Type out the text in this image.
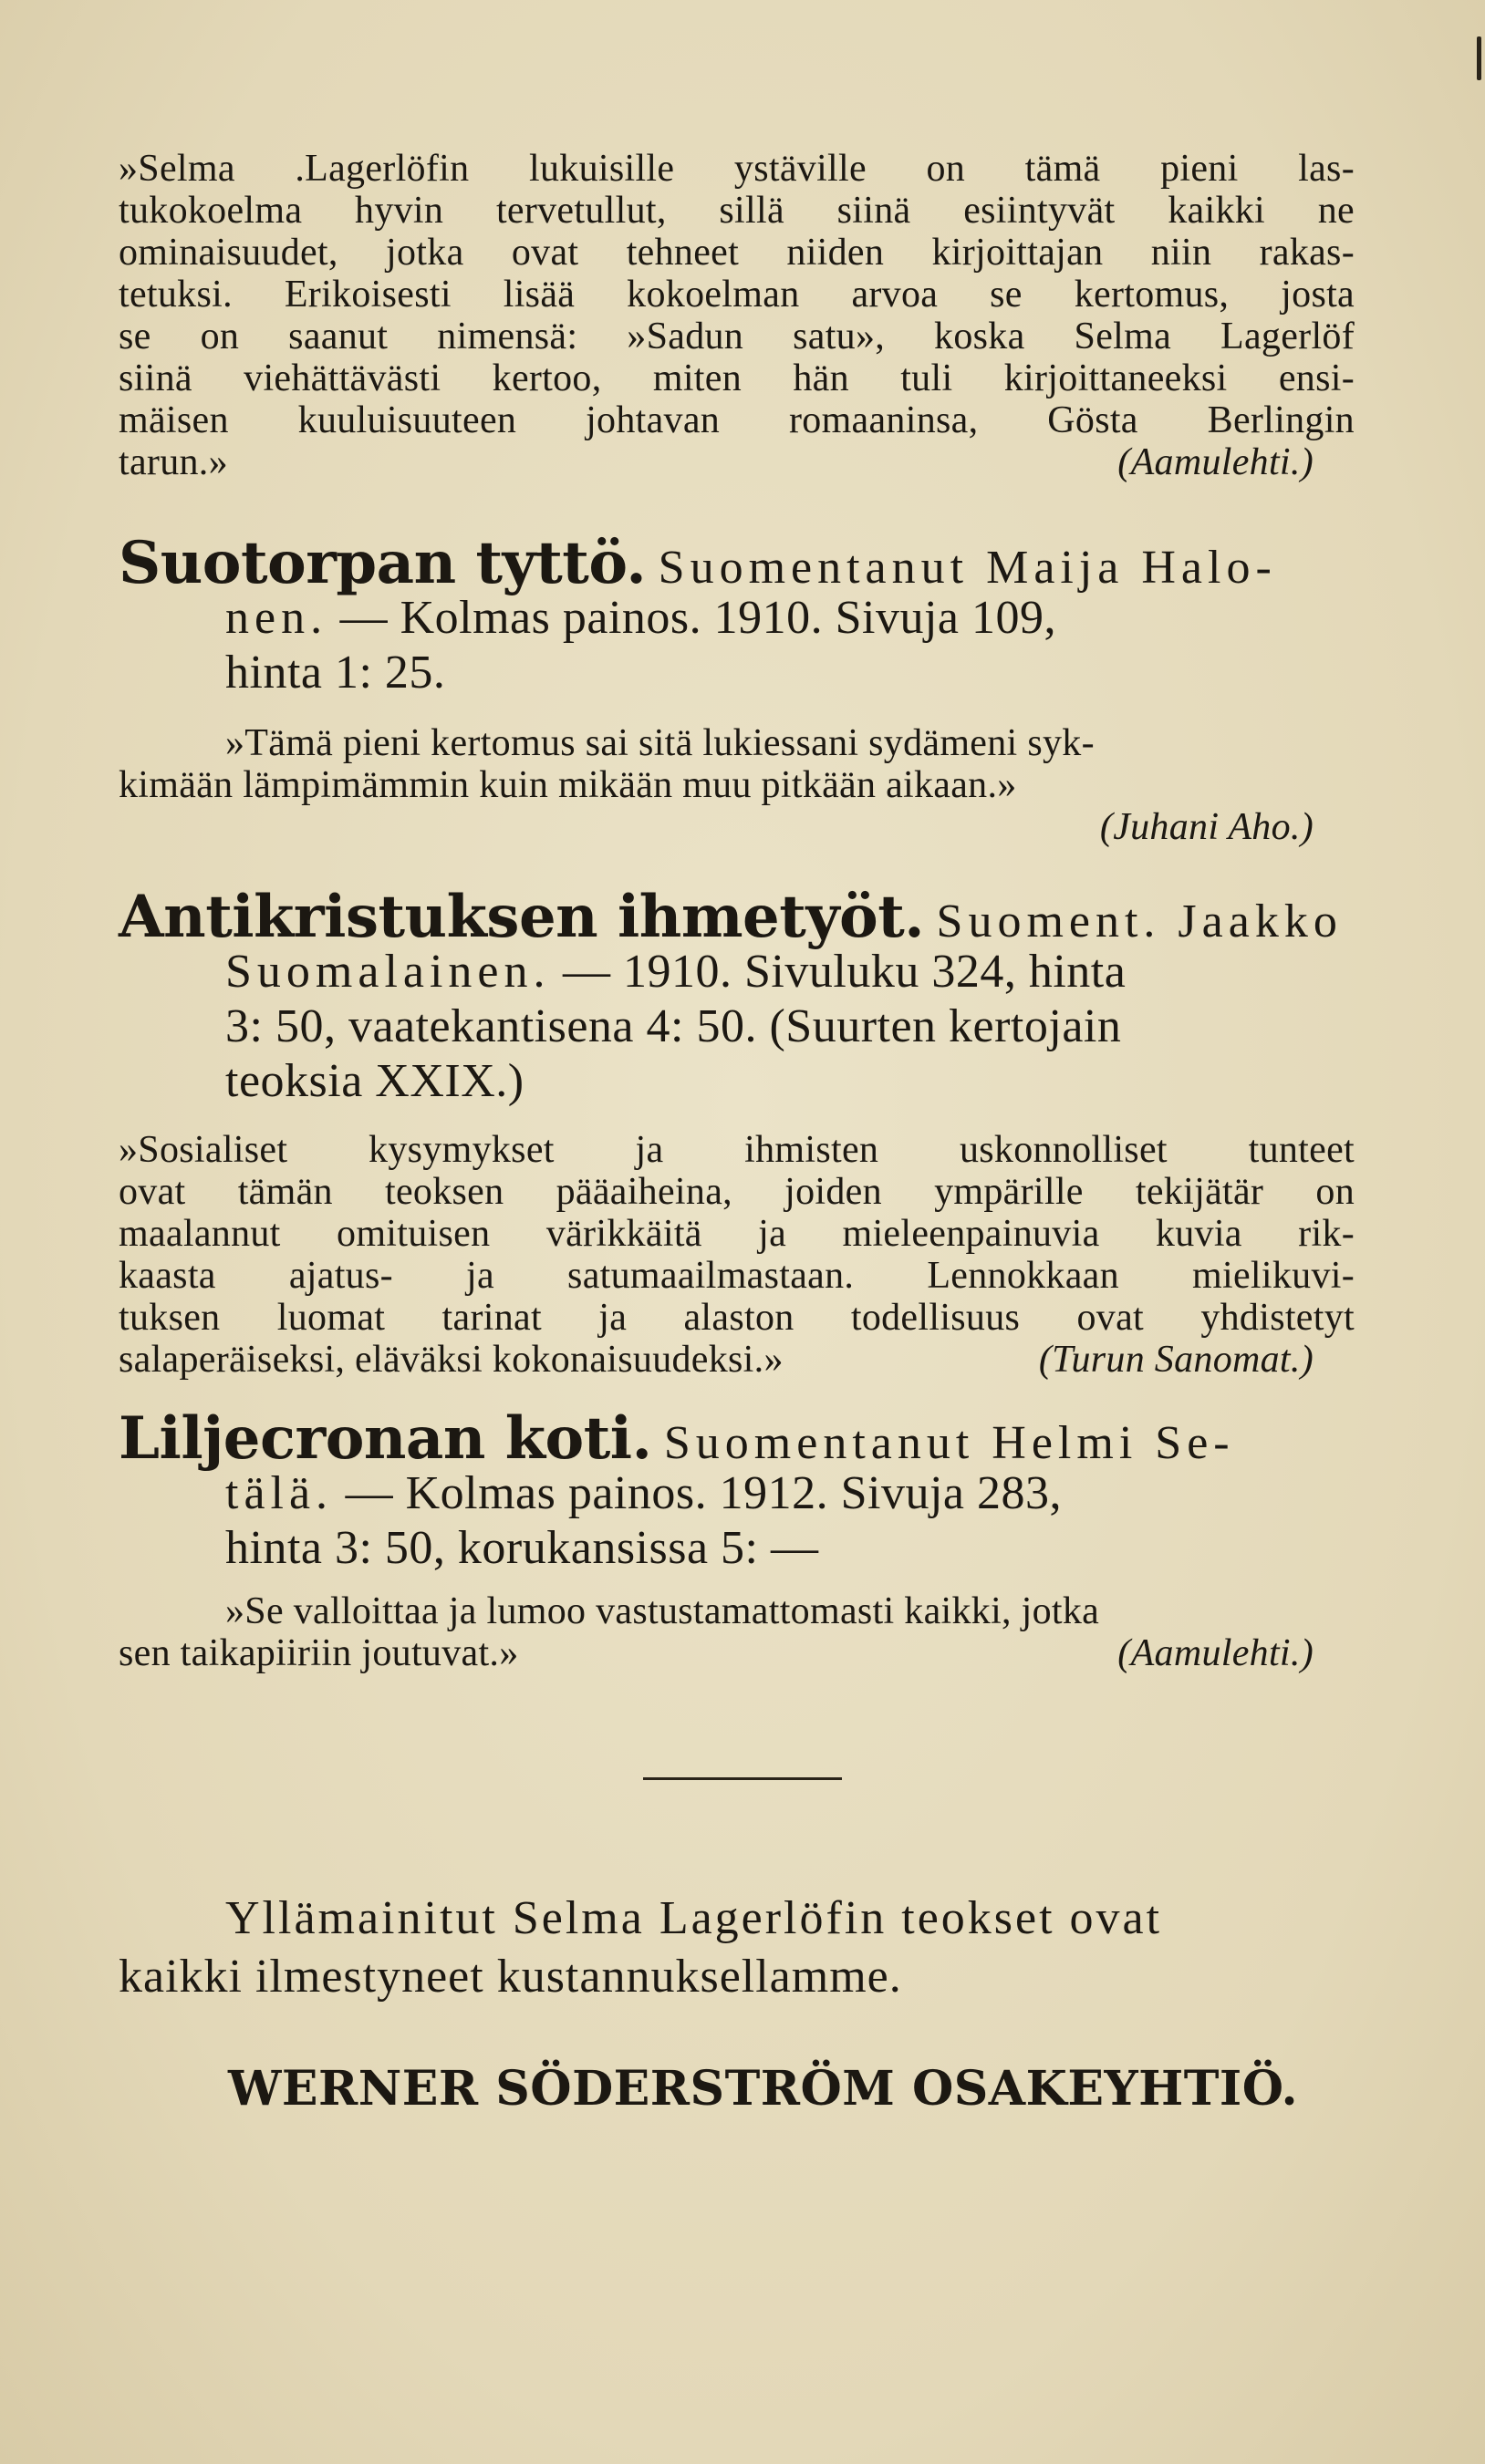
»Selma .Lagerlöfin lukuisille ystäville on tämä pieni las-
tukokoelma hyvin tervetullut, sillä siinä esiintyvät kaikki ne
ominaisuudet, jotka ovat tehneet niiden kirjoittajan niin rakas-
tetuksi. Erikoisesti lisää kokoelman arvoa se kertomus, josta
se on saanut nimensä: »Sadun satu», koska Selma Lagerlöf
siinä viehättävästi kertoo, miten hän tuli kirjoittaneeksi ensi-
mäisen kuuluisuuteen johtavan romaaninsa, Gösta Berlingin
tarun.»	(Aamulehti.)
Suotorpan tyttö. Suomentanut Maija Halo-
nen. — Kolmas painos. 1910. Sivuja 109,
hinta 1: 25.
»Tämä pieni kertomus sai sitä lukiessani sydämeni syk-
kimään lämpimämmin kuin mikään muu pitkään aikaan.»
(Juhani Aho.)
Antikristuksen ihmetyöt. Suoment. Jaakko
Suomalainen. — 1910. Sivuluku 324, hinta
3: 50, vaatekantisena 4: 50. (Suurten kertojain
teoksia XXIX.)
»Sosialiset kysymykset ja ihmisten uskonnolliset tunteet
ovat tämän teoksen pääaiheina, joiden ympärille tekijätär on
maalannut omituisen värikkäitä ja mieleenpainuvia kuvia rik-
kaasta ajatus- ja satumaailmastaan. Lennokkaan mielikuvi-
tuksen luomat tarinat ja alaston todellisuus ovat yhdistetyt
salaperäiseksi, eläväksi kokonaisuudeksi.»	(Turun Sanomat.)
Liljecronan koti. Suomentanut Helmi Se-
tälä. — Kolmas painos. 1912. Sivuja 283,
hinta 3: 50, korukansissa 5: —
»Se valloittaa ja lumoo vastustamattomasti kaikki, jotka
sen taikapiiriin joutuvat.»	(Aamulehti.)
Yllämainitut Selma Lagerlöfin teokset ovat
kaikki ilmestyneet kustannuksellamme.
WERNER SÖDERSTRÖM OSAKEYHTIÖ.
